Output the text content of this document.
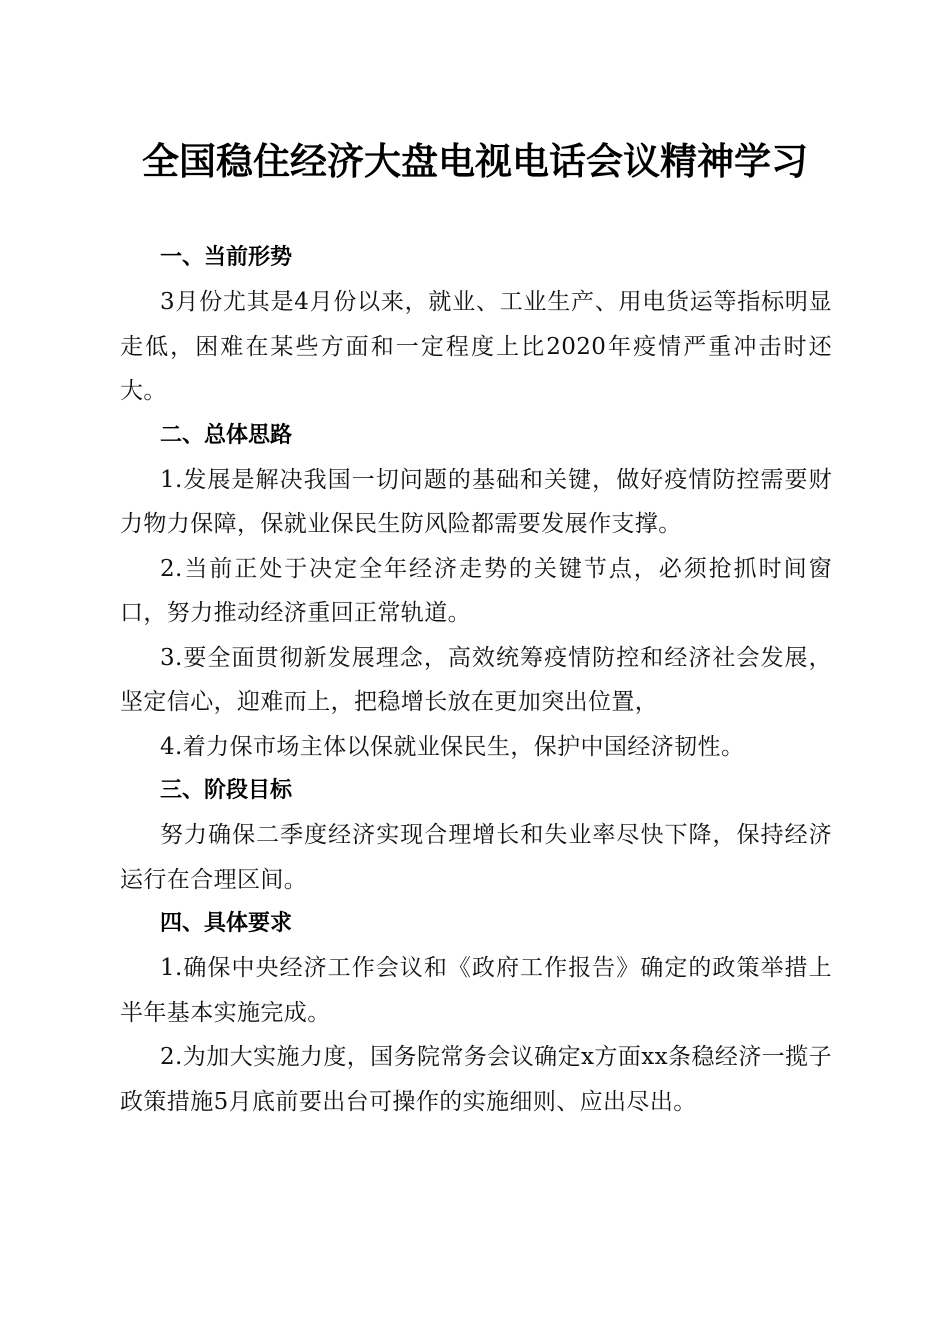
全国稳住经济大盘电视电话会议精神学习
一、当前形势

3月份尤其是4月份以来，就业、工业生产、用电货运等指标明显走低，困难在某些方面和一定程度上比2020年疫情严重冲击时还大。

二、总体思路

1.发展是解决我国一切问题的基础和关键，做好疫情防控需要财力物力保障，保就业保民生防风险都需要发展作支撑。

2.当前正处于决定全年经济走势的关键节点，必须抢抓时间窗口，努力推动经济重回正常轨道。

3.要全面贯彻新发展理念，高效统筹疫情防控和经济社会发展，坚定信心，迎难而上，把稳增长放在更加突出位置，

4.着力保市场主体以保就业保民生，保护中国经济韧性。

三、阶段目标

努力确保二季度经济实现合理增长和失业率尽快下降，保持经济运行在合理区间。

四、具体要求

1.确保中央经济工作会议和《政府工作报告》确定的政策举措上半年基本实施完成。

2.为加大实施力度，国务院常务会议确定x方面xx条稳经济一揽子政策措施5月底前要出台可操作的实施细则、应出尽出。
